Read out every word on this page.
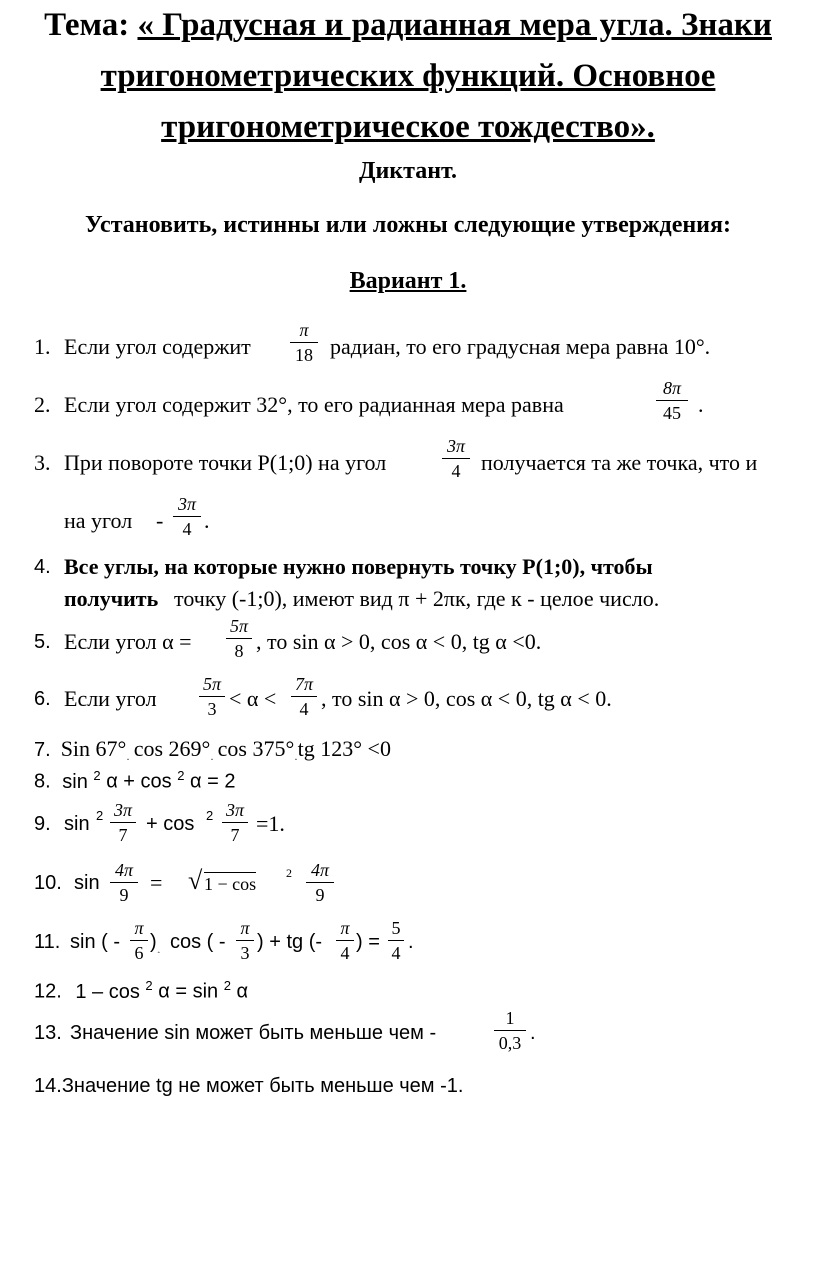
Тема: « Градусная и радианная мера угла. Знаки
тригонометрических функций. Основное
тригонометрическое тождество».
Диктант.
Установить, истинны или ложны следующие утверждения:
Вариант 1.
1. Если угол содержит
π
18 радиан, то его градусная мера равна 10°.
2. Если угол содержит 32°, то его радианная мера равна
8π
45 .
3. При повороте точки P(1;0) на угол
3π
4 получается та же точка, что и
на угол -
3π
4 .
4. Все углы, на которые нужно повернуть точку P(1;0), чтобы
получить точку (-1;0), имеют вид π + 2πк, где к - целое число.
5. Если угол α =
5π
8 , то sin α > 0, cos α < 0, tg α <0.
6. Если угол
5π
3 < α <
7π
4 , то sin α > 0, cos α < 0, tg α < 0.
7. Sin 67°˰ cos 269°˰ cos 375°˰tg 123° <0
8. sin $^2$ α + cos $^2$ α = 2
9. sin 2 3π
7 + cos 2 3π
7 =1.
10. sin
4π
9 = √ 1 − cos
2 4π
9
11. sin ( -
π
6 ) $_˰$ cos ( -
π
3 ) + tg (-
π
4 ) =
5
4 .
12. 1 – cos $^2$ α = sin $^2$ α
13. Значение sin может быть меньше чем -
1
0,3 .
14.Значение tg не может быть меньше чем -1.
